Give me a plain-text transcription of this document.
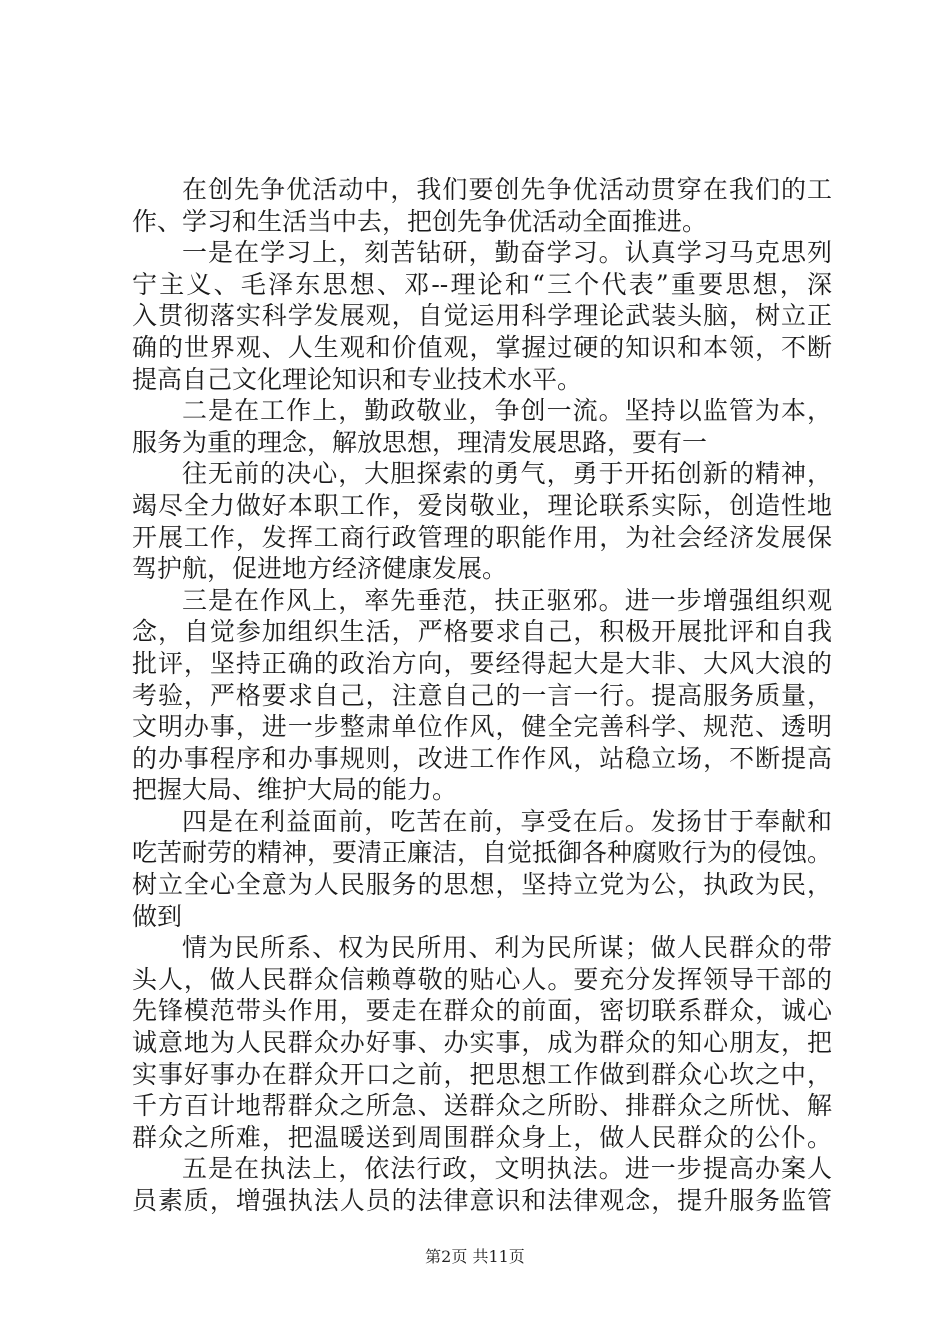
在创先争优活动中，我们要创先争优活动贯穿在我们的工
作、学习和生活当中去，把创先争优活动全面推进。
一是在学习上，刻苦钻研，勤奋学习。认真学习马克思列
宁主义、毛泽东思想、邓--理论和“三个代表”重要思想，深
入贯彻落实科学发展观，自觉运用科学理论武装头脑，树立正
确的世界观、人生观和价值观，掌握过硬的知识和本领，不断
提高自己文化理论知识和专业技术水平。
二是在工作上，勤政敬业，争创一流。坚持以监管为本，
服务为重的理念，解放思想，理清发展思路，要有一
往无前的决心，大胆探索的勇气，勇于开拓创新的精神，
竭尽全力做好本职工作，爱岗敬业，理论联系实际，创造性地
开展工作，发挥工商行政管理的职能作用，为社会经济发展保
驾护航，促进地方经济健康发展。
三是在作风上，率先垂范，扶正驱邪。进一步增强组织观
念，自觉参加组织生活，严格要求自己，积极开展批评和自我
批评，坚持正确的政治方向，要经得起大是大非、大风大浪的
考验，严格要求自己，注意自己的一言一行。提高服务质量，
文明办事，进一步整肃单位作风，健全完善科学、规范、透明
的办事程序和办事规则，改进工作作风，站稳立场，不断提高
把握大局、维护大局的能力。
四是在利益面前，吃苦在前，享受在后。发扬甘于奉献和
吃苦耐劳的精神，要清正廉洁，自觉抵御各种腐败行为的侵蚀。
树立全心全意为人民服务的思想，坚持立党为公，执政为民，
做到
情为民所系、权为民所用、利为民所谋；做人民群众的带
头人，做人民群众信赖尊敬的贴心人。要充分发挥领导干部的
先锋模范带头作用，要走在群众的前面，密切联系群众，诚心
诚意地为人民群众办好事、办实事，成为群众的知心朋友，把
实事好事办在群众开口之前，把思想工作做到群众心坎之中，
千方百计地帮群众之所急、送群众之所盼、排群众之所忧、解
群众之所难，把温暖送到周围群众身上，做人民群众的公仆。
五是在执法上，依法行政，文明执法。进一步提高办案人
员素质，增强执法人员的法律意识和法律观念，提升服务监管
第2页 共11页
